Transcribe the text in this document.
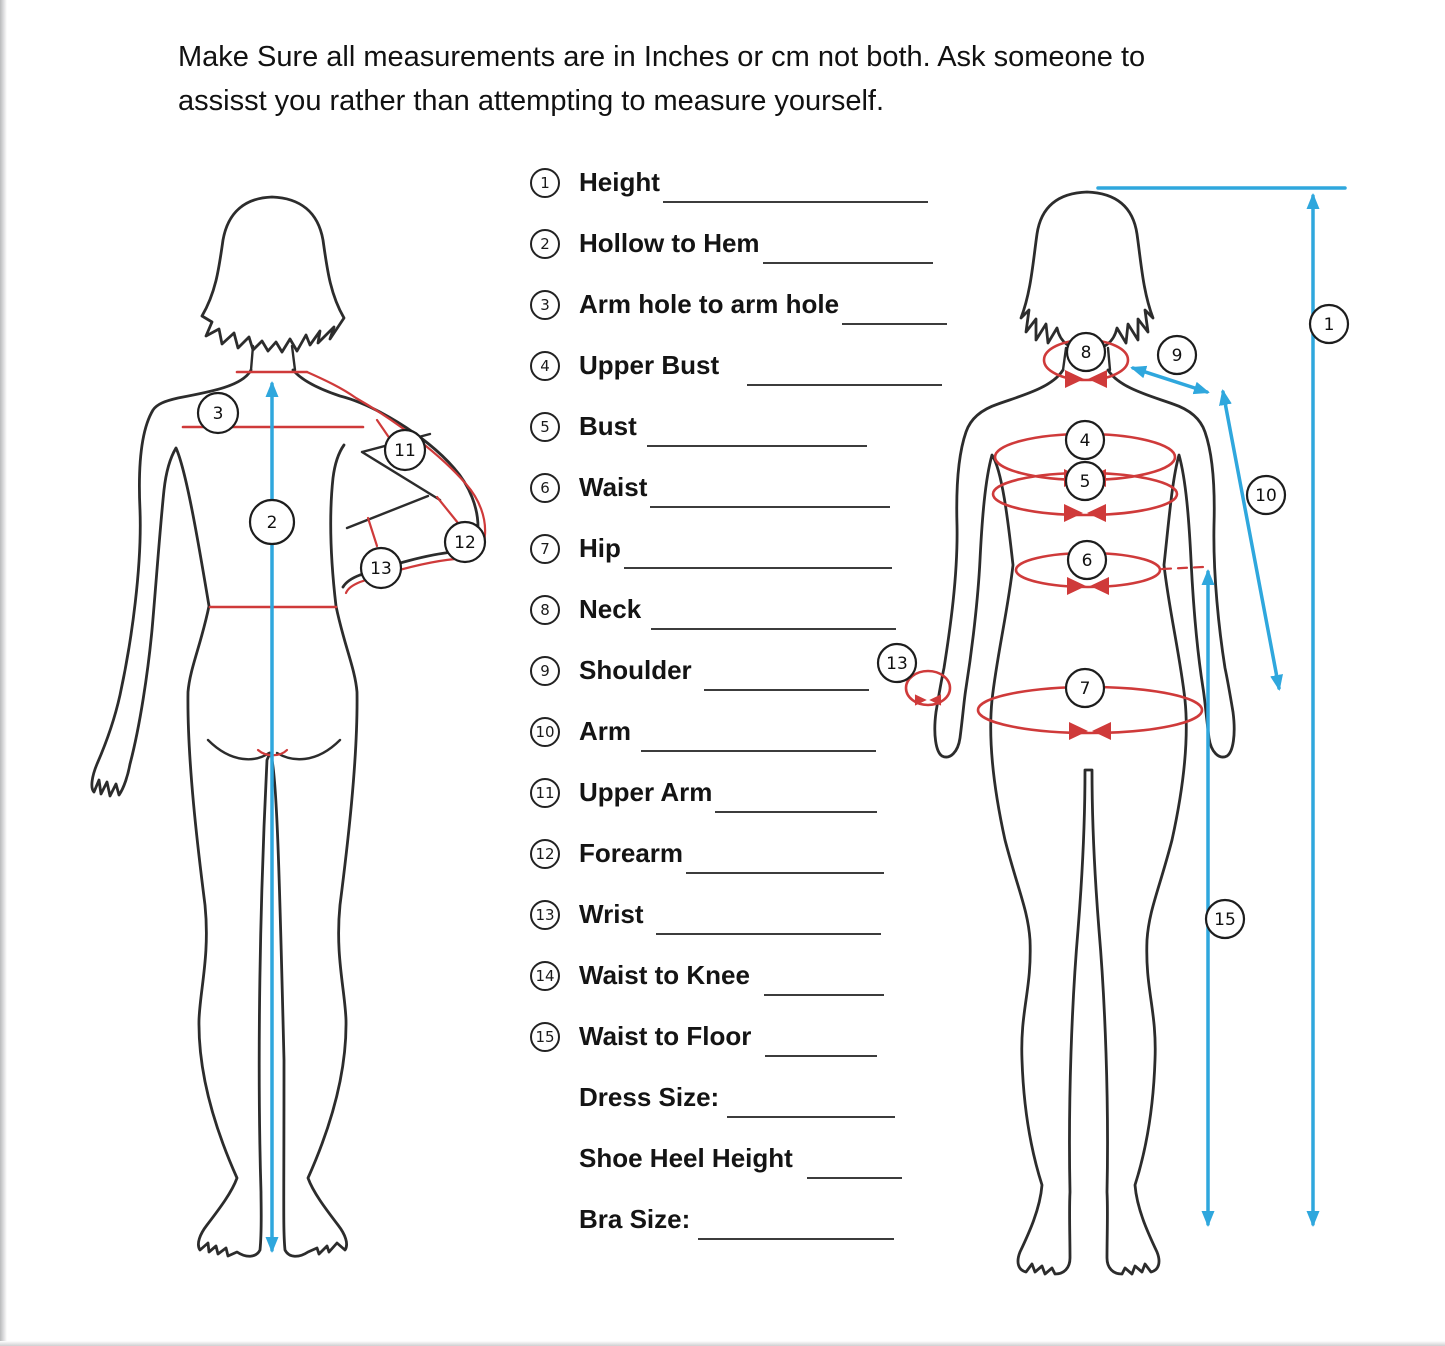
Make Sure all measurements are in Inches or cm not both. Ask someone to
assisst you rather than attempting to measure yourself.
1	Height
2	Hollow to Hem
3	Arm hole to arm hole
4	Upper Bust
5	Bust
6	Waist
7	Hip
8	Neck
9	Shoulder
10 Arm
11 Upper Arm
12 Forearm
13 Wrist
14 Waist to Knee
15 Waist to Floor
Dress Size:
Shoe Heel Height
Bra Size:
3
2
11
12
13
8	9
4
5
6
7
13
10
15
1
